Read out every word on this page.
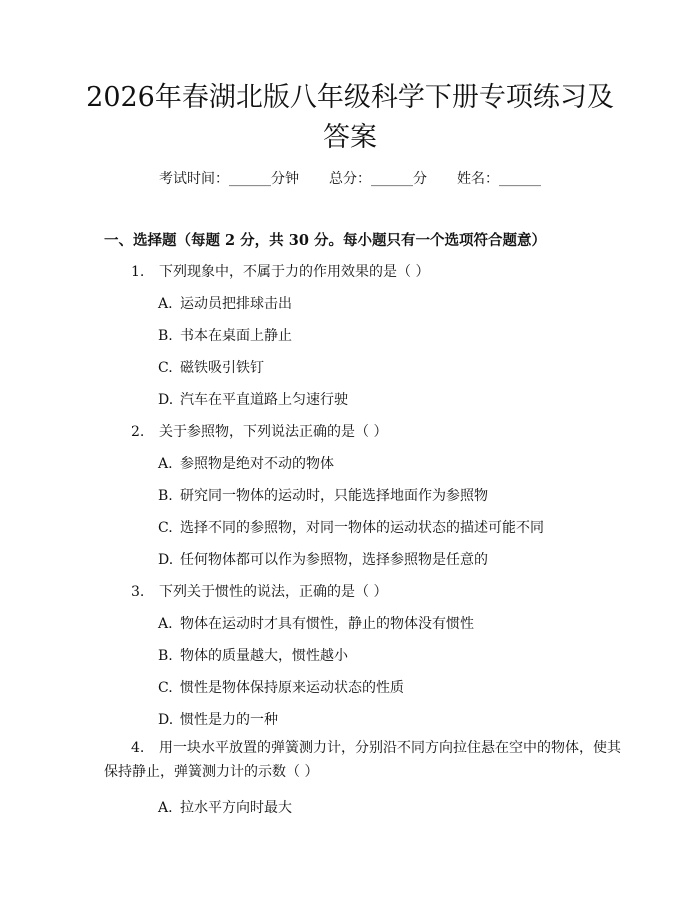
2026年春湖北版八年级科学下册专项练习及答案
考试时间：______分钟 总分：______分 姓名：______
一、选择题（每题 2 分，共 30 分。每小题只有一个选项符合题意）
1. 下列现象中，不属于力的作用效果的是（ ）
A. 运动员把排球击出
B. 书本在桌面上静止
C. 磁铁吸引铁钉
D. 汽车在平直道路上匀速行驶
2. 关于参照物，下列说法正确的是（ ）
A. 参照物是绝对不动的物体
B. 研究同一物体的运动时，只能选择地面作为参照物
C. 选择不同的参照物，对同一物体的运动状态的描述可能不同
D. 任何物体都可以作为参照物，选择参照物是任意的
3. 下列关于惯性的说法，正确的是（ ）
A. 物体在运动时才具有惯性，静止的物体没有惯性
B. 物体的质量越大，惯性越小
C. 惯性是物体保持原来运动状态的性质
D. 惯性是力的一种
4. 用一块水平放置的弹簧测力计，分别沿不同方向拉住悬在空中的物体，使其保持静止，弹簧测力计的示数（ ）
A. 拉水平方向时最大
